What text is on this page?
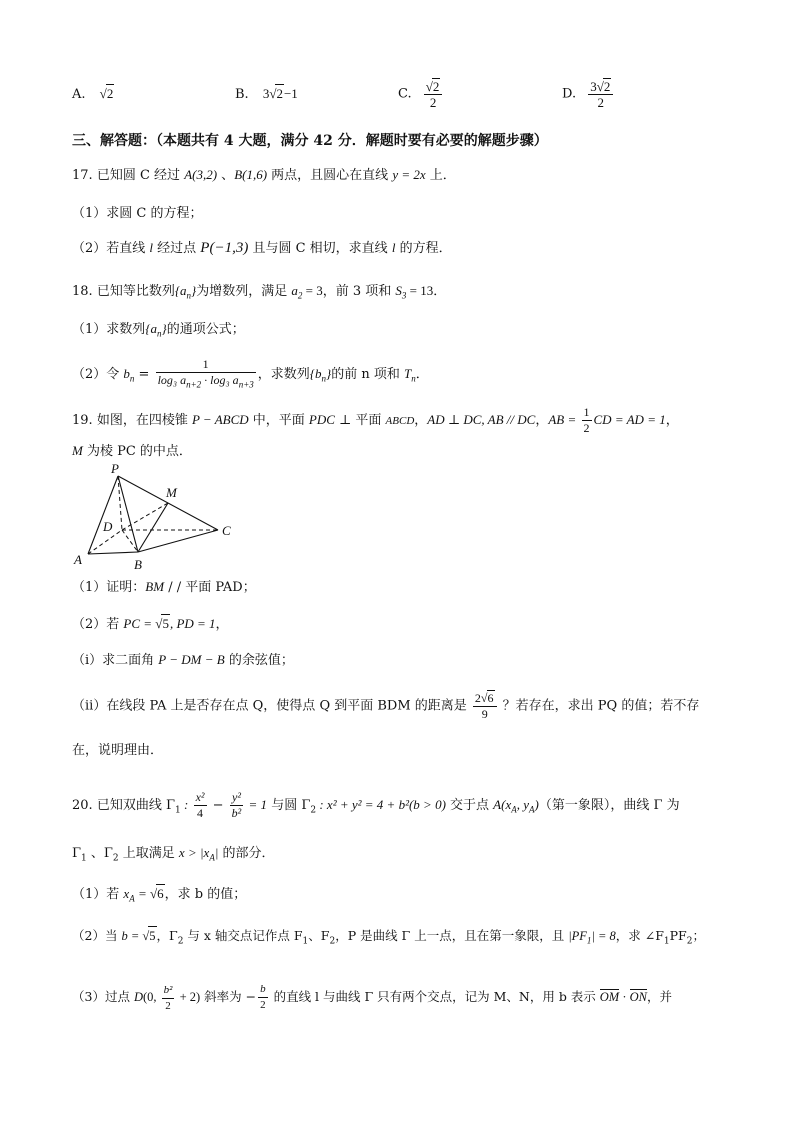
A. √2	B. 3√2−1	C. $\frac{√2}{2}$	D. $\frac{3√2}{2}$
三、解答题：（本题共有 4 大题，满分 42 分．解题时要有必要的解题步骤）
17. 已知圆 C 经过 A(3,2) 、B(1,6) 两点，且圆心在直线 y = 2x 上．
（1）求圆 C 的方程；
（2）若直线 l 经过点 P(−1,3) 且与圆 C 相切，求直线 l 的方程．
18. 已知等比数列$\{a_n\}$为增数列，满足 $a_2 = 3$，前 3 项和 $S_3 = 13$．
（1）求数列$\{a_n\}$的通项公式；
（2）令 $b_n = \frac{1}{\log_3 a_{n+2} \cdot \log_3 a_{n+3}}$ ，求数列$\{b_n\}$的前 n 项和 $T_n$．
19. 如图，在四棱锥 P − ABCD 中，平面 PDC ⊥ 平面 ABCD，AD ⊥ DC, AB // DC，AB = $\frac{1}{2}$ CD = AD = 1，
M 为棱 PC 的中点．
P
M
D	C
A	B
（1）证明：BM / / 平面 PAD；
（2）若 PC = √5, PD = 1，
（i）求二面角 P − DM − B 的余弦值；
（ii）在线段 PA 上是否存在点 Q，使得点 Q 到平面 BDM 的距离是 $\frac{2√6}{9}$ ？若存在，求出 PQ 的值；若不存
在，说明理由．
20. 已知双曲线 $\Gamma_1$ : $\frac{\text{x²}}{4} - \frac{\text{y²}}{\text{b²}} = 1$ 与圆 $\Gamma_2$ : x² + y² = 4 + b²(b > 0) 交于点 $A(x_A$, $y_A$)（第一象限），曲线 Γ 为
$\Gamma_1$ 、$\Gamma_2$ 上取满足 $x > |x_A|$ 的部分．
（1）若 $x_A = √6$，求 b 的值；
（2）当 b = √5，$\Gamma_2$ 与 x 轴交点记作点 $F_1$、$F_2$，P 是曲线 Γ 上一点，且在第一象限，且 $|PF_1| = 8$，求 $\angle F_1PF_2$；
（3）过点 D(0, $\frac{\text{b²}}{2} + 2$) 斜率为 − $\frac{b}{2}$ 的直线 l 与曲线 Γ 只有两个交点，记为 M、N，用 b 表示 OM · ON，并
